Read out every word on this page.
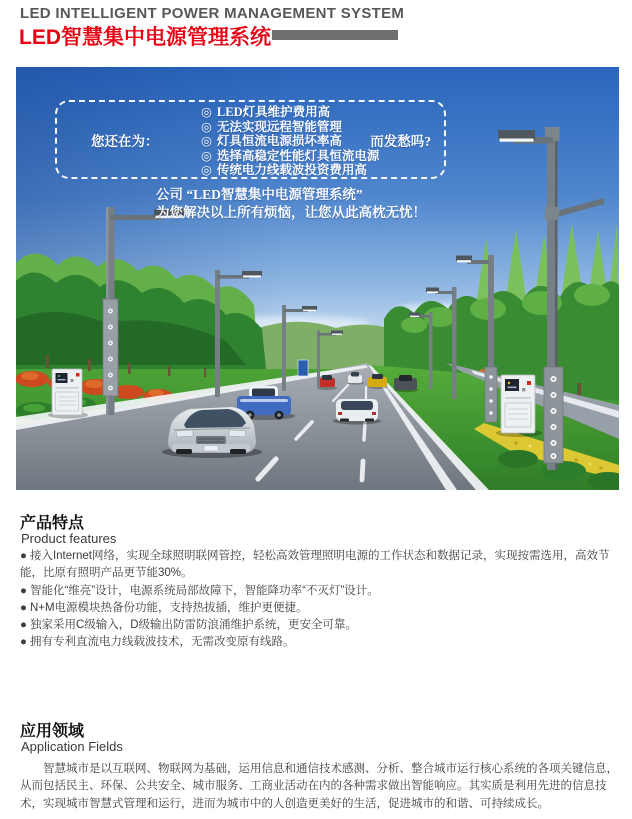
LED INTELLIGENT POWER MANAGEMENT SYSTEM
LED智慧集中电源管理系统
您还在为：
◎ LED灯具维护费用高
◎ 无法实现远程智能管理
◎ 灯具恒流电源损坏率高
◎ 选择高稳定性能灯具恒流电源
◎ 传统电力线载波投资费用高
而发愁吗?
公司 “LED智慧集中电源管理系统”
为您解决以上所有烦恼，让您从此高枕无忧！
产品特点
Product features

● 接入Internet网络，实现全球照明联网管控，轻松高效管理照明电源的工作状态和数据记录，实现按需选用，高效节能，比原有照明产品更节能30%。

● 智能化“维亮”设计，电源系统局部故障下，智能降功率“不灭灯”设计。

● N+M电源模块热备份功能，支持热拔插，维护更便捷。

● 独家采用C级输入，D级输出防雷防浪涌维护系统，更安全可靠。

● 拥有专利直流电力线载波技术，无需改变原有线路。

应用领域
Application Fields

智慧城市是以互联网、物联网为基础，运用信息和通信技术感测、分析、整合城市运行核心系统的各项关键信息，从而包括民主、环保、公共安全、城市服务、工商业活动在内的各种需求做出智能响应。其实质是利用先进的信息技术，实现城市智慧式管理和运行，进而为城市中的人创造更美好的生活，促进城市的和谐、可持续成长。
